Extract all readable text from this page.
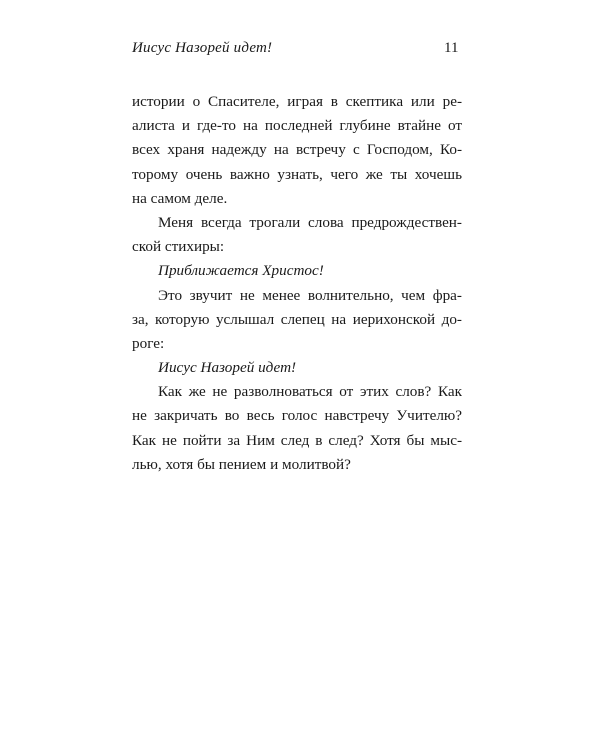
Иисус Назорей идет!	11
истории о Спасителе, играя в скептика или ре-
алиста и где-то на последней глубине втайне от
всех храня надежду на встречу с Господом, Ко-
торому очень важно узнать, чего же ты хочешь
на самом деле.
Меня всегда трогали слова предрождествен-
ской стихиры:
Приближается Христос!
Это звучит не менее волнительно, чем фра-
за, которую услышал слепец на иерихонской до-
роге:
Иисус Назорей идет!
Как же не разволноваться от этих слов? Как
не закричать во весь голос навстречу Учителю?
Как не пойти за Ним след в след? Хотя бы мыс-
лью, хотя бы пением и молитвой?
